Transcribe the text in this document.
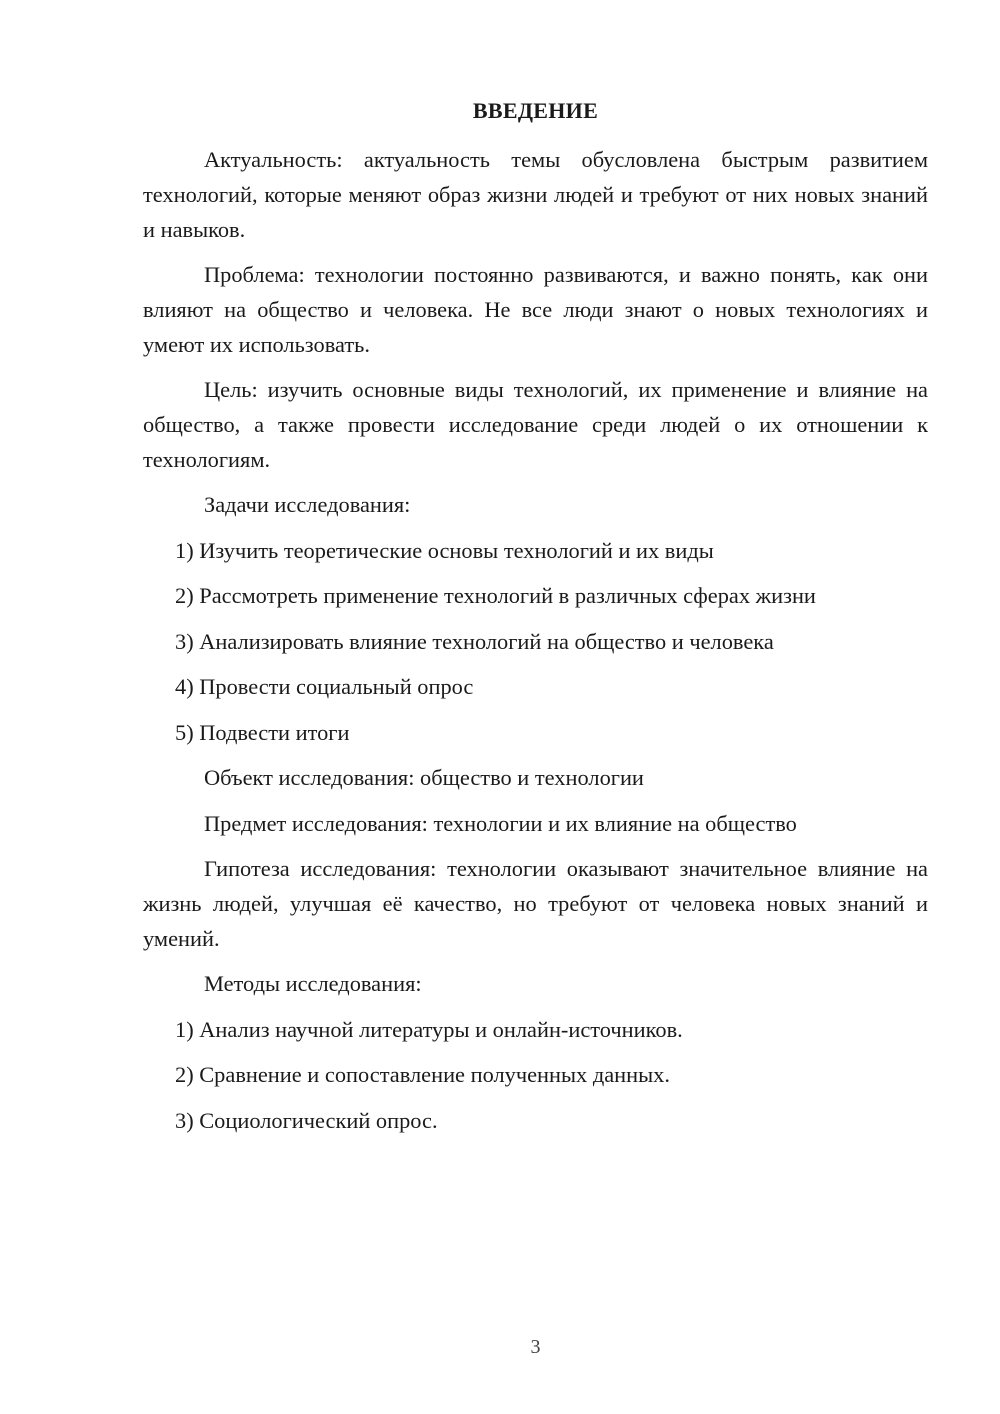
ВВЕДЕНИЕ

Актуальность: актуальность темы обусловлена быстрым развитием технологий, которые меняют образ жизни людей и требуют от них новых знаний и навыков.

Проблема: технологии постоянно развиваются, и важно понять, как они влияют на общество и человека. Не все люди знают о новых технологиях и умеют их использовать.

Цель: изучить основные виды технологий, их применение и влияние на общество, а также провести исследование среди людей о их отношении к технологиям.

Задачи исследования:

1) Изучить теоретические основы технологий и их виды

2) Рассмотреть применение технологий в различных сферах жизни

3) Анализировать влияние технологий на общество и человека

4) Провести социальный опрос

5) Подвести итоги

Объект исследования: общество и технологии

Предмет исследования: технологии и их влияние на общество

Гипотеза исследования: технологии оказывают значительное влияние на жизнь людей, улучшая её качество, но требуют от человека новых знаний и умений.

Методы исследования:

1) Анализ научной литературы и онлайн-источников.

2) Сравнение и сопоставление полученных данных.

3) Социологический опрос.

3
